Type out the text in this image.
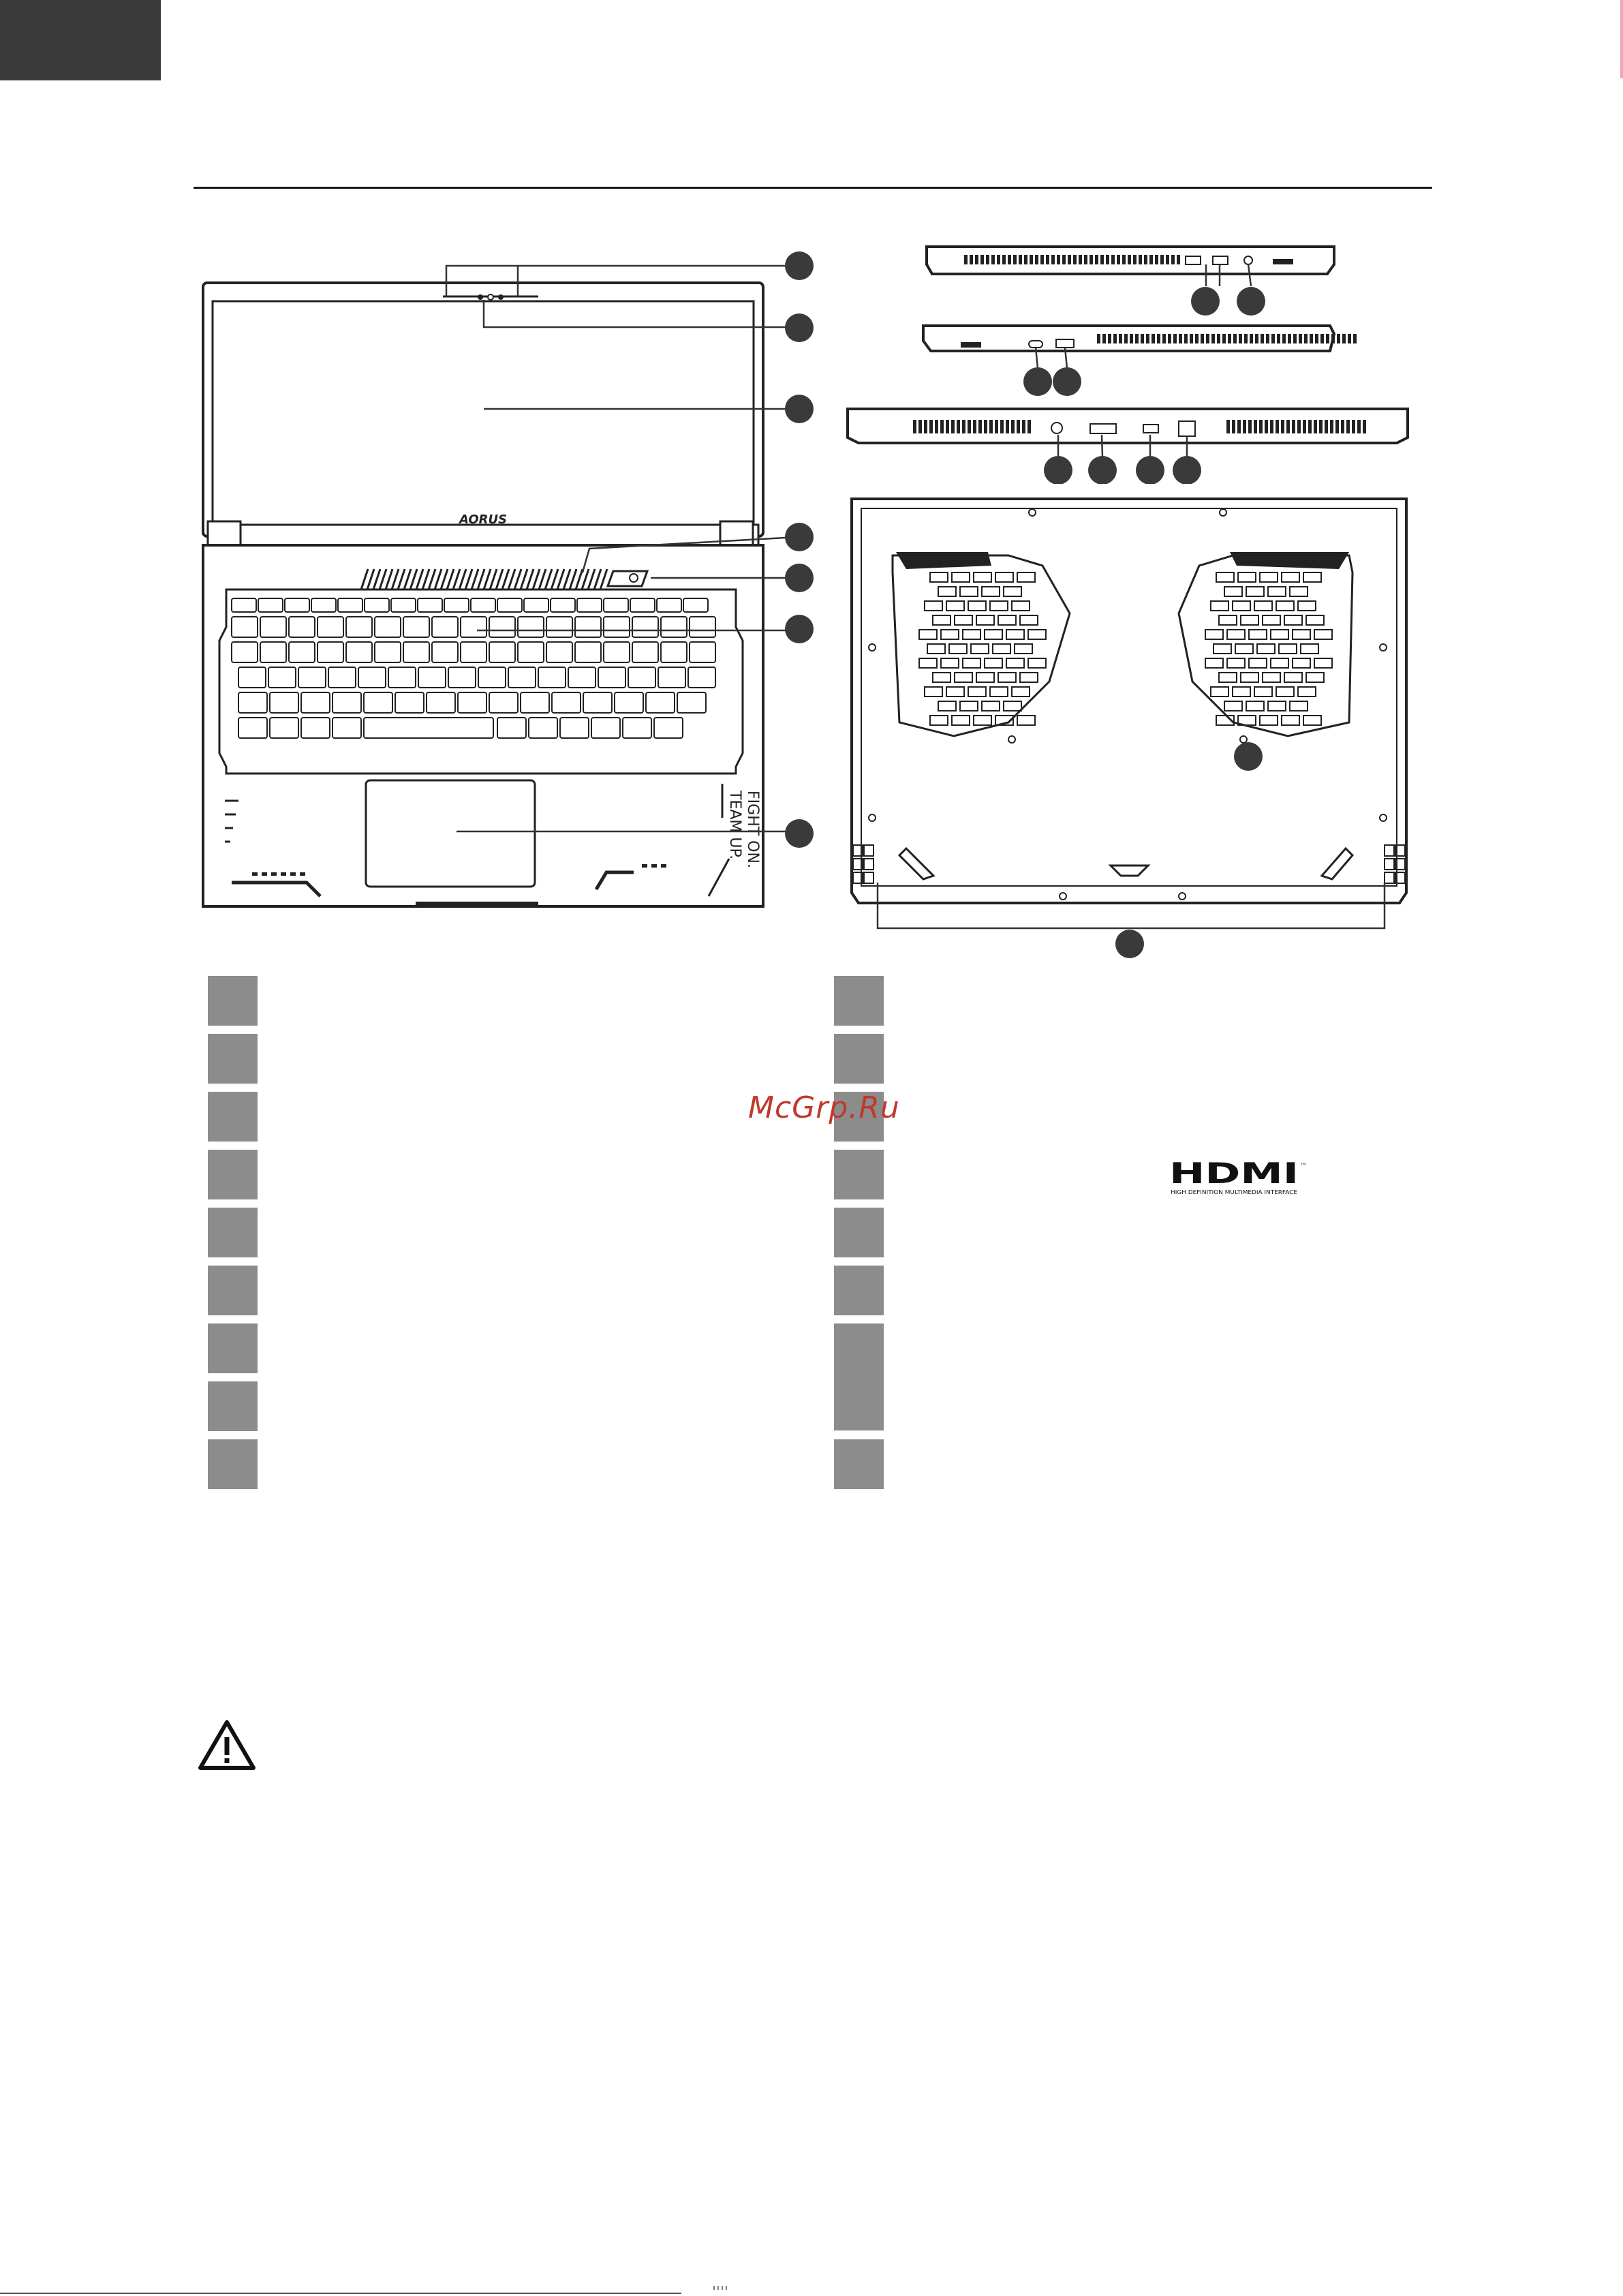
AORUS
TEAM UP. FIGHT ON.
McGrp.Ru
HDMI ™
HIGH DEFINITION MULTIMEDIA INTERFACE
